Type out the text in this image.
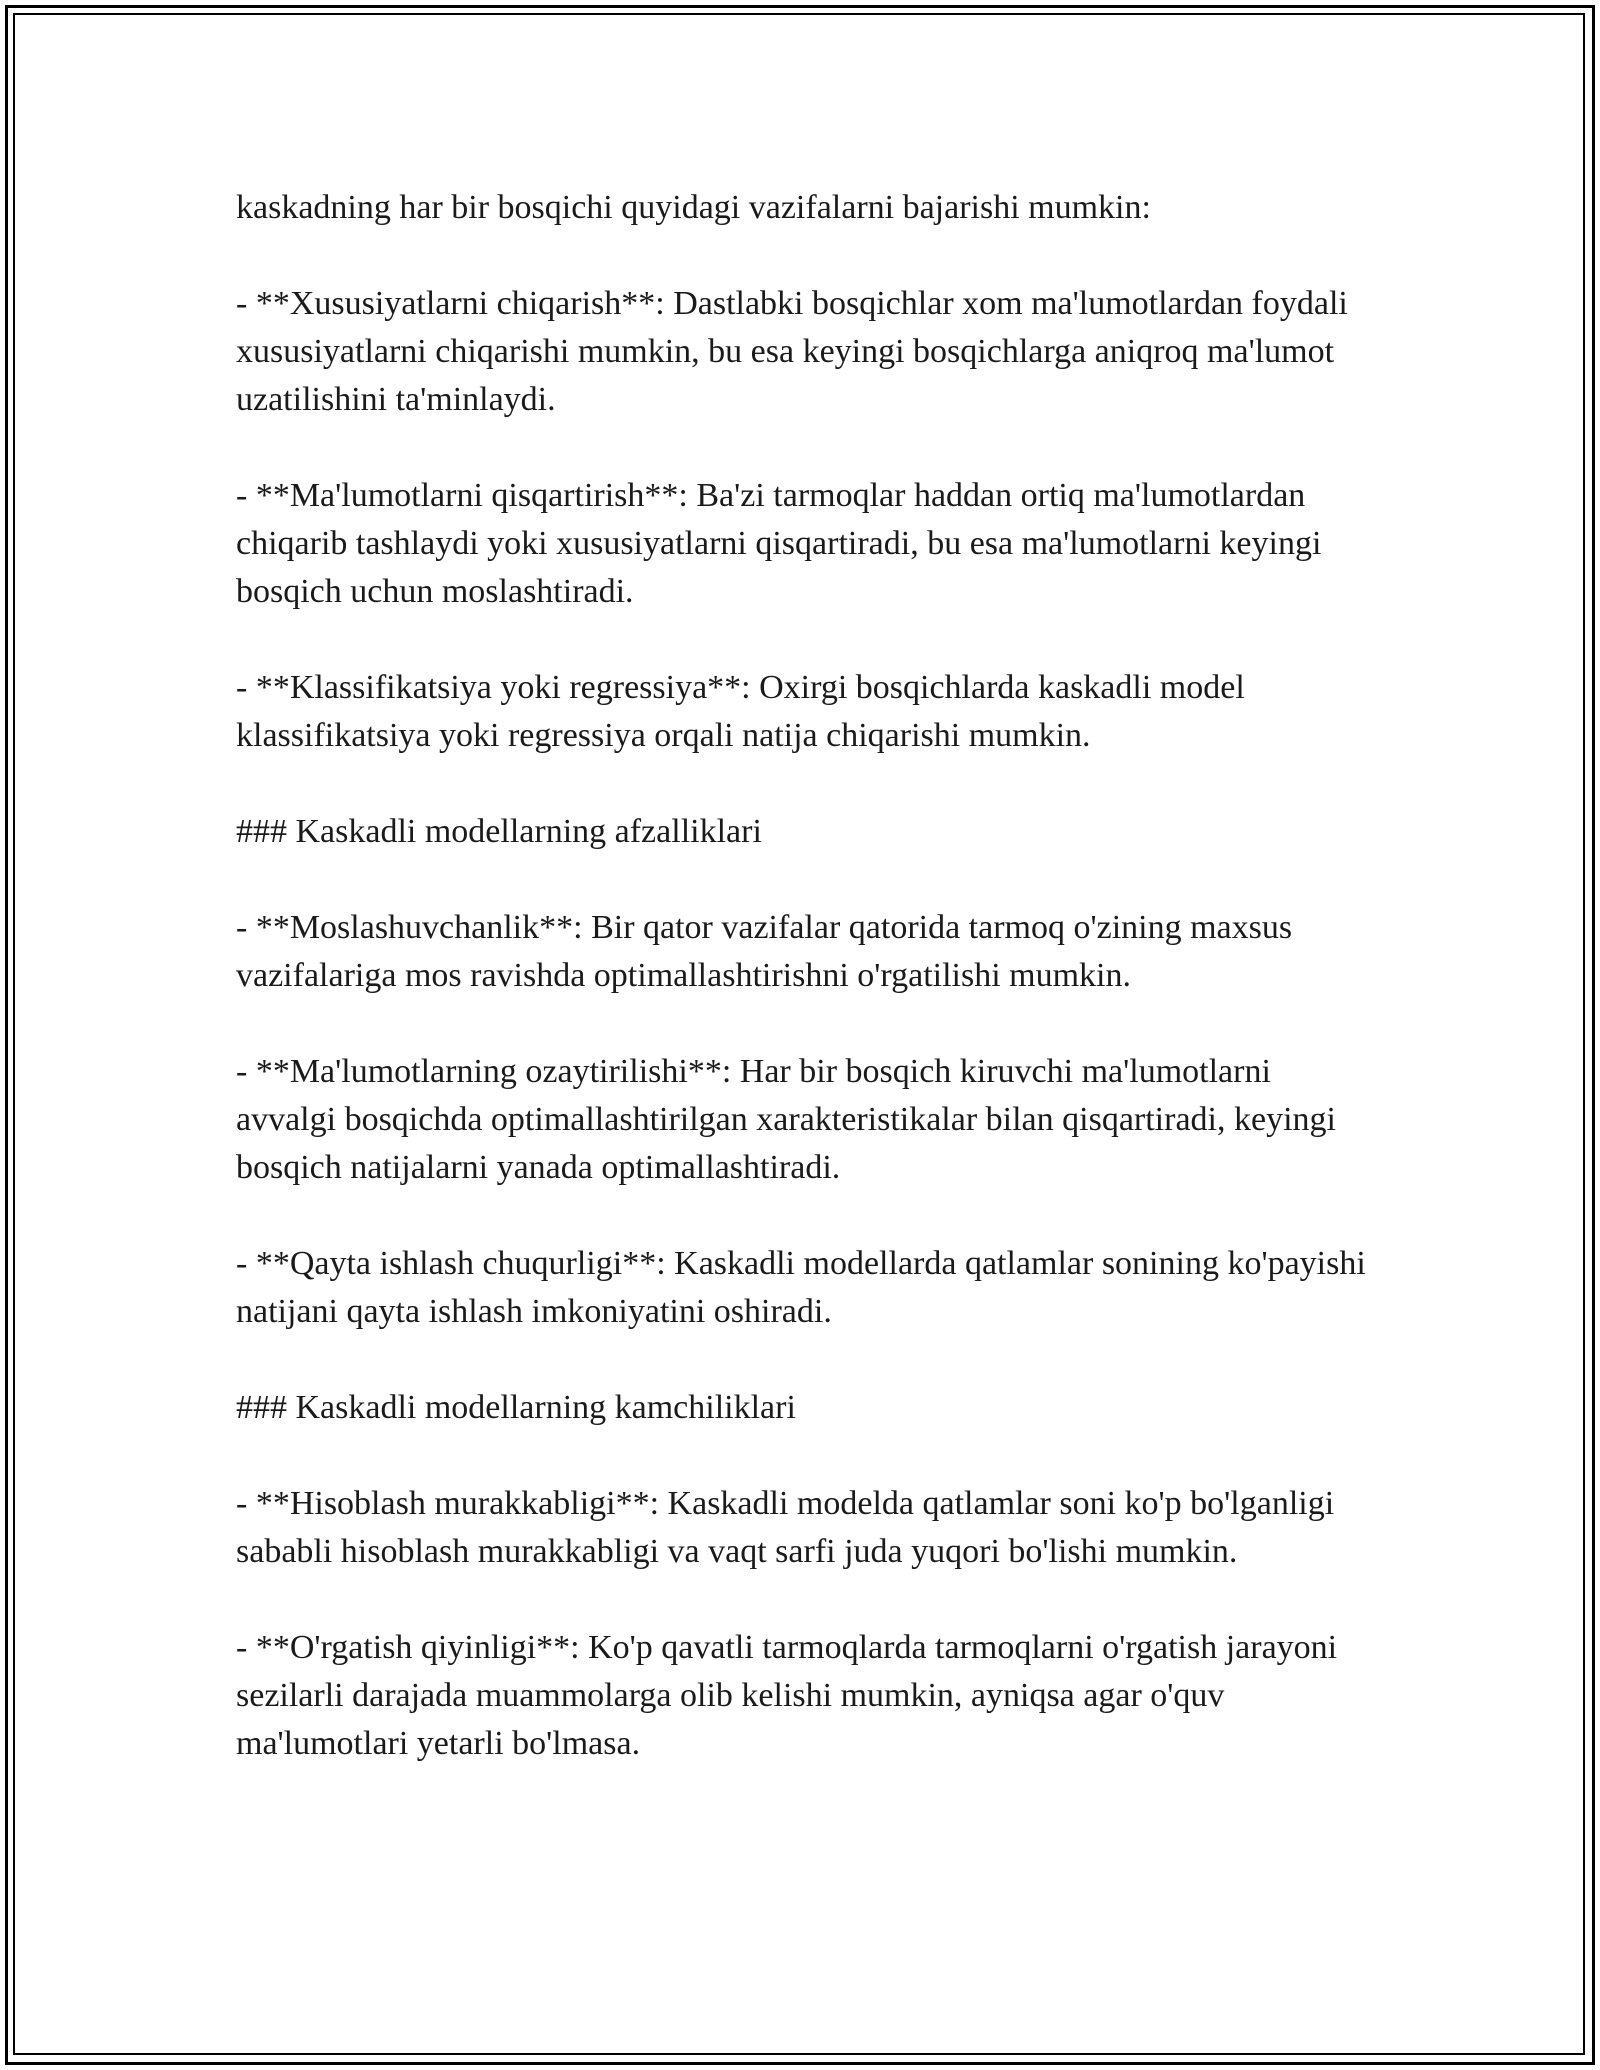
kaskadning har bir bosqichi quyidagi vazifalarni bajarishi mumkin:

- **Xususiyatlarni chiqarish**: Dastlabki bosqichlar xom ma'lumotlardan foydali xususiyatlarni chiqarishi mumkin, bu esa keyingi bosqichlarga aniqroq ma'lumot uzatilishini ta'minlaydi.

- **Ma'lumotlarni qisqartirish**: Ba'zi tarmoqlar haddan ortiq ma'lumotlardan chiqarib tashlaydi yoki xususiyatlarni qisqartiradi, bu esa ma'lumotlarni keyingi bosqich uchun moslashtiradi.

- **Klassifikatsiya yoki regressiya**: Oxirgi bosqichlarda kaskadli model klassifikatsiya yoki regressiya orqali natija chiqarishi mumkin.

### Kaskadli modellarning afzalliklari

- **Moslashuvchanlik**: Bir qator vazifalar qatorida tarmoq o'zining maxsus vazifalariga mos ravishda optimallashtirishni o'rgatilishi mumkin.

- **Ma'lumotlarning ozaytirilishi**: Har bir bosqich kiruvchi ma'lumotlarni avvalgi bosqichda optimallashtirilgan xarakteristikalar bilan qisqartiradi, keyingi bosqich natijalarni yanada optimallashtiradi.

- **Qayta ishlash chuqurligi**: Kaskadli modellarda qatlamlar sonining ko'payishi natijani qayta ishlash imkoniyatini oshiradi.

### Kaskadli modellarning kamchiliklari

- **Hisoblash murakkabligi**: Kaskadli modelda qatlamlar soni ko'p bo'lganligi sababli hisoblash murakkabligi va vaqt sarfi juda yuqori bo'lishi mumkin.

- **O'rgatish qiyinligi**: Ko'p qavatli tarmoqlarda tarmoqlarni o'rgatish jarayoni sezilarli darajada muammolarga olib kelishi mumkin, ayniqsa agar o'quv ma'lumotlari yetarli bo'lmasa.
